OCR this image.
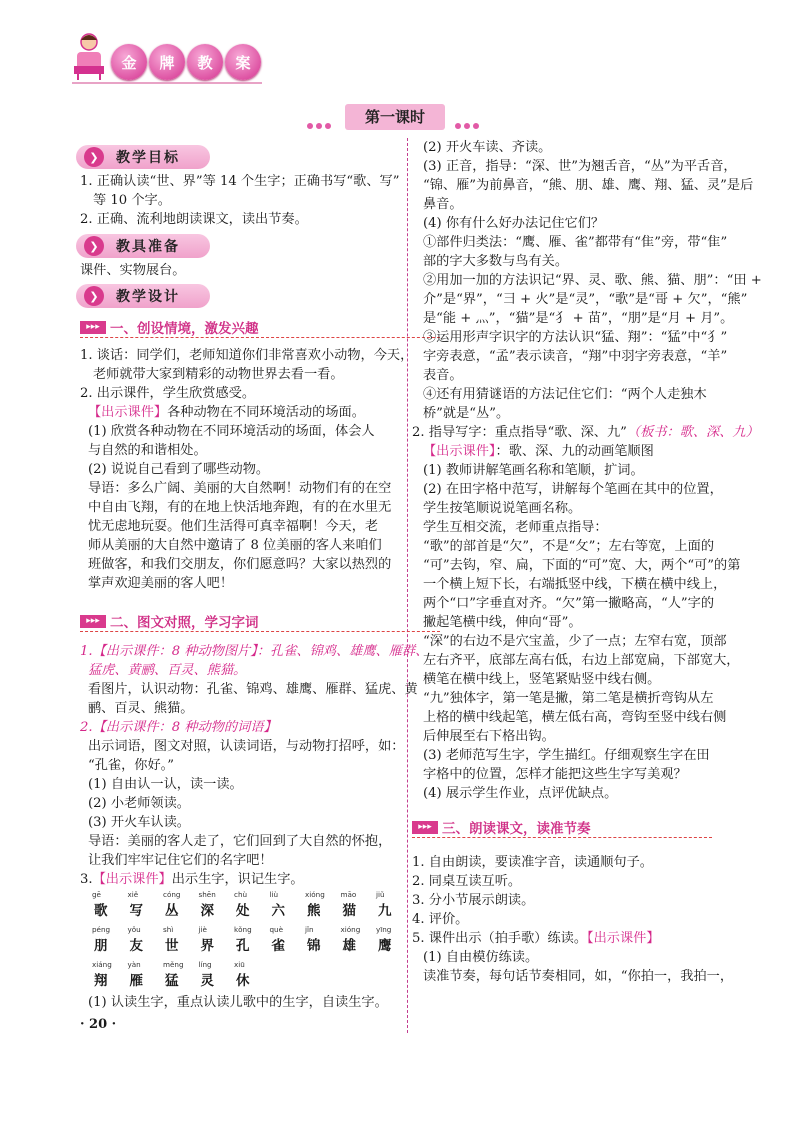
金	牌	教	案
第一课时
❯	教学目标
1. 正确认读“世、界”等 14 个生字；正确书写“歌、写”
等 10 个字。
2. 正确、流利地朗读课文，读出节奏。
❯	教具准备
课件、实物展台。
❯	教学设计
▸▸▸ 一、创设情境，激发兴趣
1. 谈话：同学们，老师知道你们非常喜欢小动物，今天，
老师就带大家到精彩的动物世界去看一看。
2. 出示课件，学生欣赏感受。
【出示课件】各种动物在不同环境活动的场面。
(1) 欣赏各种动物在不同环境活动的场面，体会人
与自然的和谐相处。
(2) 说说自己看到了哪些动物。
导语：多么广阔、美丽的大自然啊！动物们有的在空
中自由飞翔，有的在地上快活地奔跑，有的在水里无
忧无虑地玩耍。他们生活得可真幸福啊！今天，老
师从美丽的大自然中邀请了 8 位美丽的客人来咱们
班做客，和我们交朋友，你们愿意吗？大家以热烈的
掌声欢迎美丽的客人吧！
▸▸▸ 二、图文对照，学习字词
1.【出示课件：8 种动物图片】：孔雀、锦鸡、雄鹰、雁群、
猛虎、黄鹂、百灵、熊猫。
看图片，认识动物：孔雀、锦鸡、雄鹰、雁群、猛虎、黄
鹂、百灵、熊猫。
2.【出示课件：8 种动物的词语】
出示词语，图文对照，认读词语，与动物打招呼，如：
“孔雀，你好。”
(1) 自由认一认，读一读。
(2) 小老师领读。
(3) 开火车认读。
导语：美丽的客人走了，它们回到了大自然的怀抱，
让我们牢牢记住它们的名字吧！
3.【出示课件】出示生字，识记生字。
gē	xiě	cóng	shēn	chù	liù	xióng māo	jiǔ
歌 写 丛 深 处 六 熊 猫 九
péng yǒu	shì	jiè	kǒng què	jǐn	xióng yīng
朋 友 世 界 孔 雀 锦 雄 鹰
xiáng yàn	měng líng	xiū
翔 雁 猛 灵 休
(1) 认读生字，重点认读儿歌中的生字，自读生字。
· 20 ·
(2) 开火车读、齐读。
(3) 正音，指导：“深、世”为翘舌音，“丛”为平舌音，
“锦、雁”为前鼻音，“熊、朋、雄、鹰、翔、猛、灵”是后
鼻音。
(4) 你有什么好办法记住它们？
①部件归类法：“鹰、雁、雀”都带有“隹”旁，带“隹”
部的字大多数与鸟有关。
②用加一加的方法识记“界、灵、歌、熊、猫、朋”：“田 +
介”是“界”，“彐 + 火”是“灵”，“歌”是“哥 + 欠”，“熊”
是“能 + 灬”，“猫”是“犭 + 苗”，“朋”是“月 + 月”。
③运用形声字识字的方法认识“猛、翔”：“猛”中“犭”
字旁表意，“孟”表示读音，“翔”中羽字旁表意，“羊”
表音。
④还有用猜谜语的方法记住它们：“两个人走独木
桥”就是“丛”。
2. 指导写字：重点指导“歌、深、九”（板书：歌、深、九）
【出示课件】：歌、深、九的动画笔顺图
(1) 教师讲解笔画名称和笔顺，扩词。
(2) 在田字格中范写，讲解每个笔画在其中的位置，
学生按笔顺说说笔画名称。
学生互相交流，老师重点指导：
“歌”的部首是“欠”，不是“攵”；左右等宽，上面的
“可”去钩，窄、扁，下面的“可”宽、大，两个“可”的第
一个横上短下长，右端抵竖中线，下横在横中线上，
两个“口”字垂直对齐。“欠”第一撇略高，“人”字的
撇起笔横中线，伸向“哥”。
“深”的右边不是穴宝盖，少了一点；左窄右宽，顶部
左右齐平，底部左高右低，右边上部宽扁，下部宽大，
横笔在横中线上，竖笔紧贴竖中线右侧。
“九”独体字，第一笔是撇，第二笔是横折弯钩从左
上格的横中线起笔，横左低右高，弯钩至竖中线右侧
后伸展至右下格出钩。
(3) 老师范写生字，学生描红。仔细观察生字在田
字格中的位置，怎样才能把这些生字写美观？
(4) 展示学生作业，点评优缺点。
▸▸▸ 三、朗读课文，读准节奏
1. 自由朗读，要读准字音，读通顺句子。
2. 同桌互读互听。
3. 分小节展示朗读。
4. 评价。
5. 课件出示（拍手歌）练读。【出示课件】
(1) 自由模仿练读。
读准节奏，每句话节奏相同，如，“你拍一，我拍一，
